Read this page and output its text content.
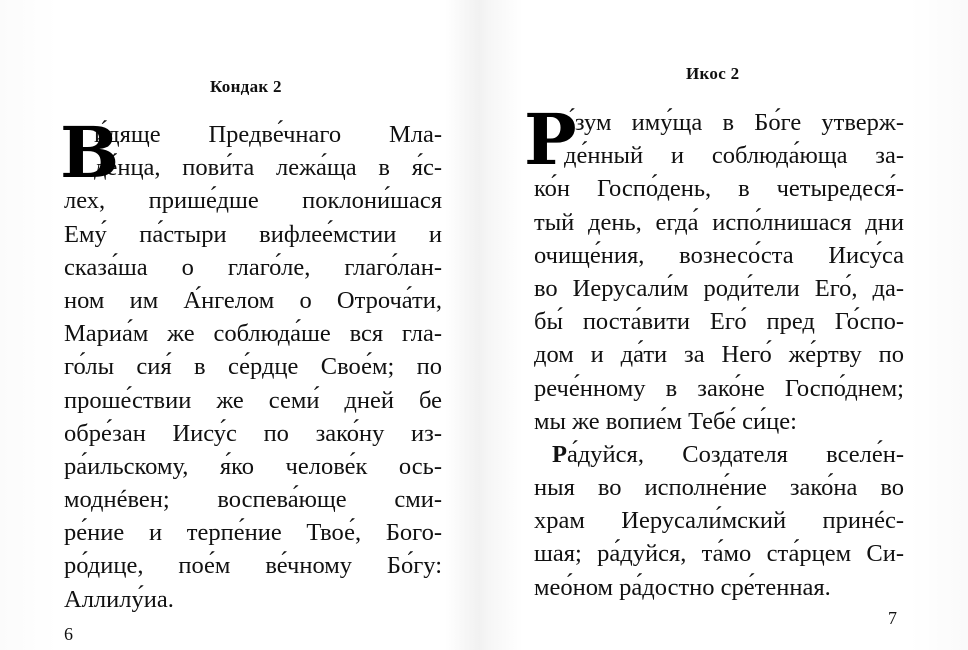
Кондак 2
В
и́дяще Предве́чнаго Мла-
де́нца, пови́та лежа́ща в я́с-
лех, прише́дше поклони́шася
Ему́ па́стыри вифлее́мстии и
сказа́ша о глаго́ле, глаго́лан-
ном им А́нгелом о Отроча́ти,
Мариа́м же соблюда́ше вся гла-
го́лы сия́ в се́рдце Свое́м; по
проше́ствии же семи́ дней бе
обре́зан Иису́с по зако́ну из-
ра́ильскому, я́ко челове́к ось-
моднéвен; воспева́юще сми-
ре́ние и терпе́ние Твое́, Бого-
ро́дице, пое́м ве́чному Бо́гу:
Аллилу́иа.
6
Икос 2
Р
а́зум иму́ща в Бо́ге утверж-
де́нный и соблюда́юща за-
ко́н Госпо́день, в четыредеся́-
тый день, егда́ испо́лнишася дни
очище́ния, вознесо́ста Иису́са
во Иерусали́м роди́тели Его́, да-
бы́ поста́вити Его́ пред Го́спо-
дом и да́ти за Него́ же́ртву по
рече́нному в зако́не Госпо́днем;
мы же вопие́м Тебе́ си́це:
Ра́дуйся, Создателя вселе́н-
ныя во исполне́ние зако́на во
храм Иерусали́мский принéс-
шая; ра́дуйся, та́мо ста́рцем Си-
мео́ном ра́достно сре́тенная.
7
